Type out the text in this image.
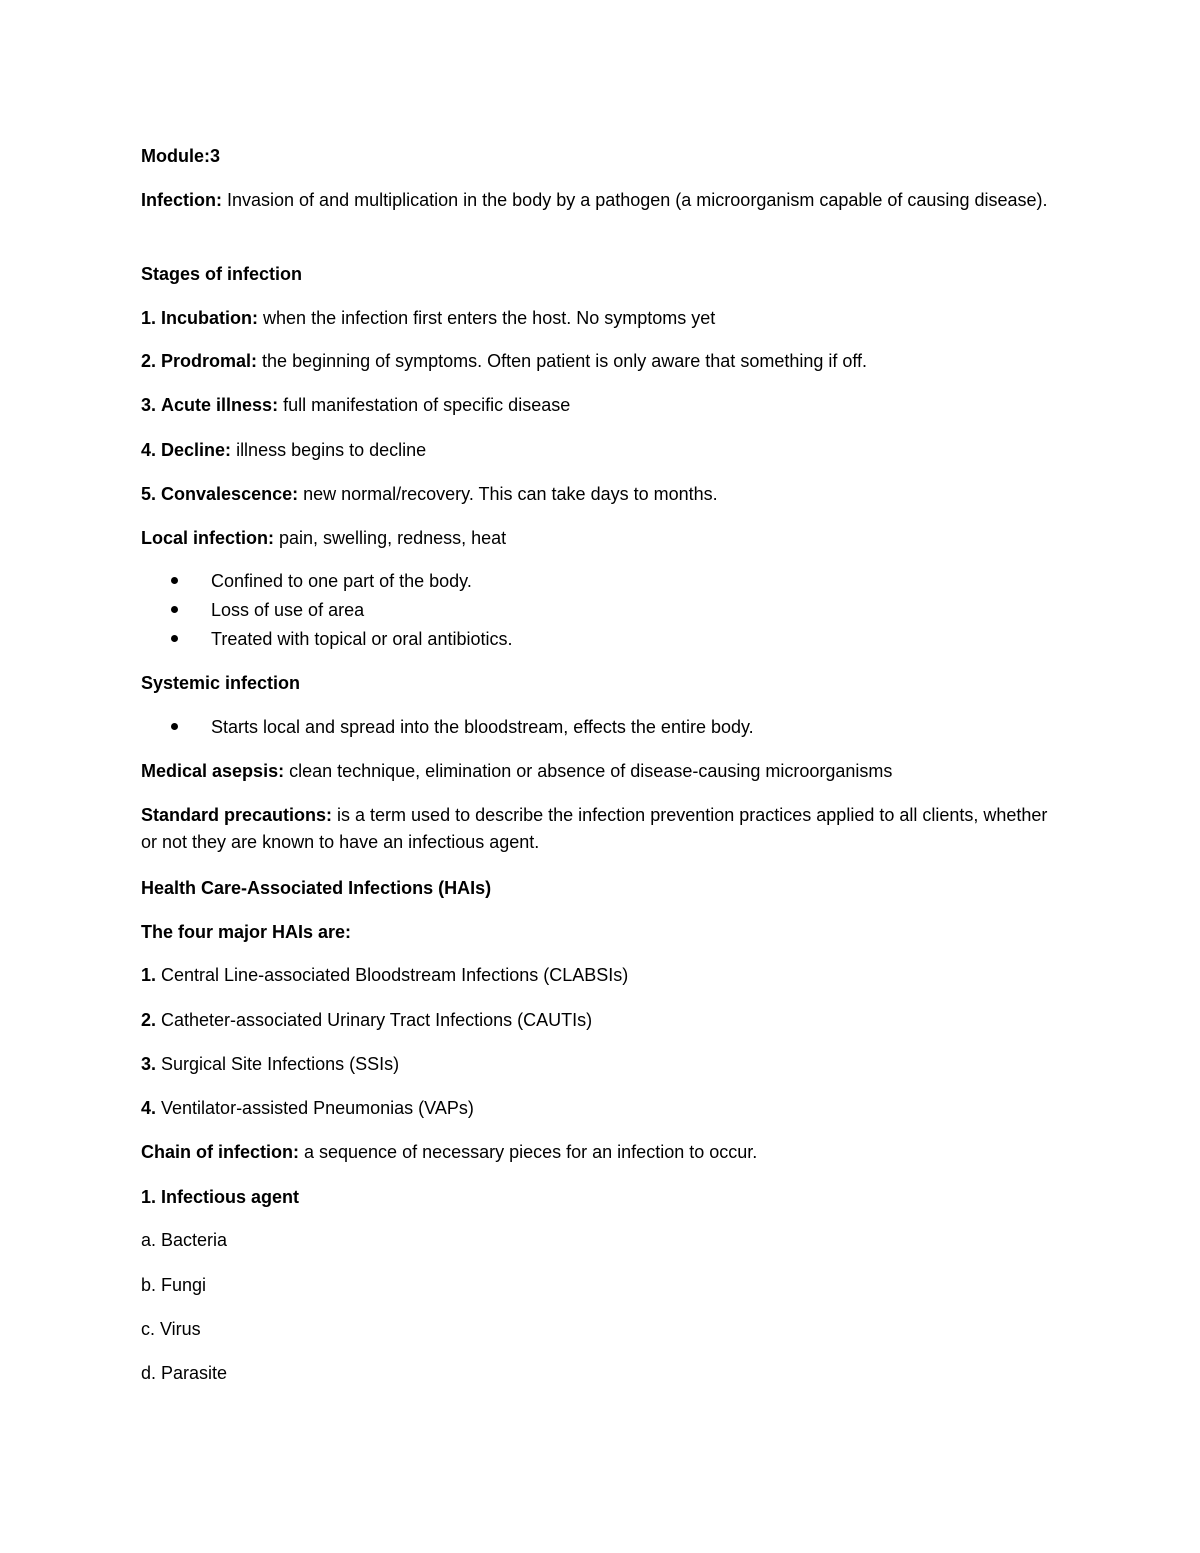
Module:3
Infection: Invasion of and multiplication in the body by a pathogen (a microorganism capable of causing disease).
Stages of infection
1. Incubation: when the infection first enters the host. No symptoms yet
2. Prodromal: the beginning of symptoms. Often patient is only aware that something if off.
3. Acute illness: full manifestation of specific disease
4. Decline: illness begins to decline
5. Convalescence: new normal/recovery. This can take days to months.
Local infection: pain, swelling, redness, heat
Confined to one part of the body.
Loss of use of area
Treated with topical or oral antibiotics.
Systemic infection
Starts local and spread into the bloodstream, effects the entire body.
Medical asepsis: clean technique, elimination or absence of disease-causing microorganisms
Standard precautions: is a term used to describe the infection prevention practices applied to all clients, whether or not they are known to have an infectious agent.
Health Care-Associated Infections (HAIs)
The four major HAIs are:
1. Central Line-associated Bloodstream Infections (CLABSIs)
2. Catheter-associated Urinary Tract Infections (CAUTIs)
3. Surgical Site Infections (SSIs)
4. Ventilator-assisted Pneumonias (VAPs)
Chain of infection: a sequence of necessary pieces for an infection to occur.
1. Infectious agent
a. Bacteria
b. Fungi
c. Virus
d. Parasite
